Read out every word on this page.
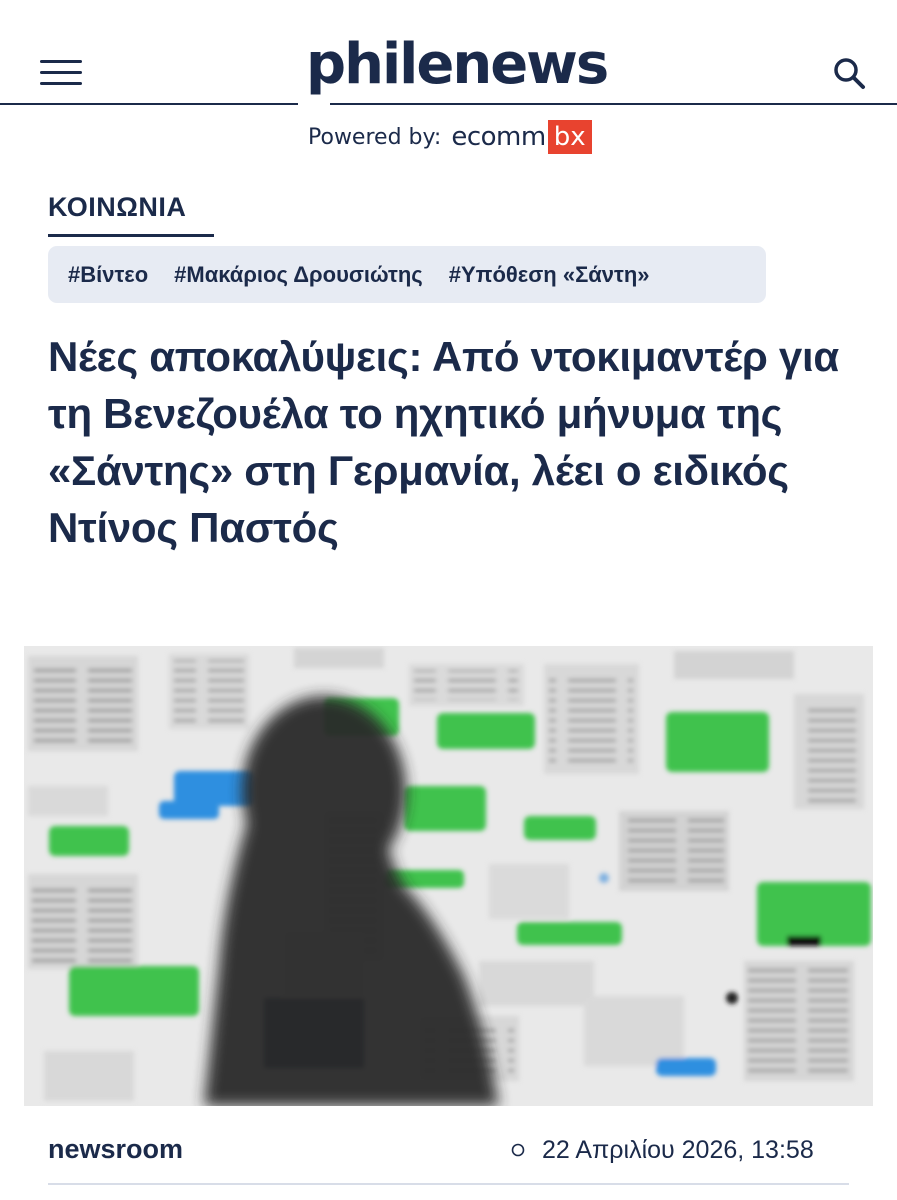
philenews
Powered by: ecomm bx
ΚΟΙΝΩΝΙΑ
#Βίντεο #Μακάριος Δρουσιώτης #Υπόθεση «Σάντη»
Νέες αποκαλύψεις: Από ντοκιμαντέρ για τη Βενεζουέλα το ηχητικό μήνυμα της «Σάντης» στη Γερμανία, λέει ο ειδικός Ντίνος Παστός
newsroom	22 Απριλίου 2026, 13:58
